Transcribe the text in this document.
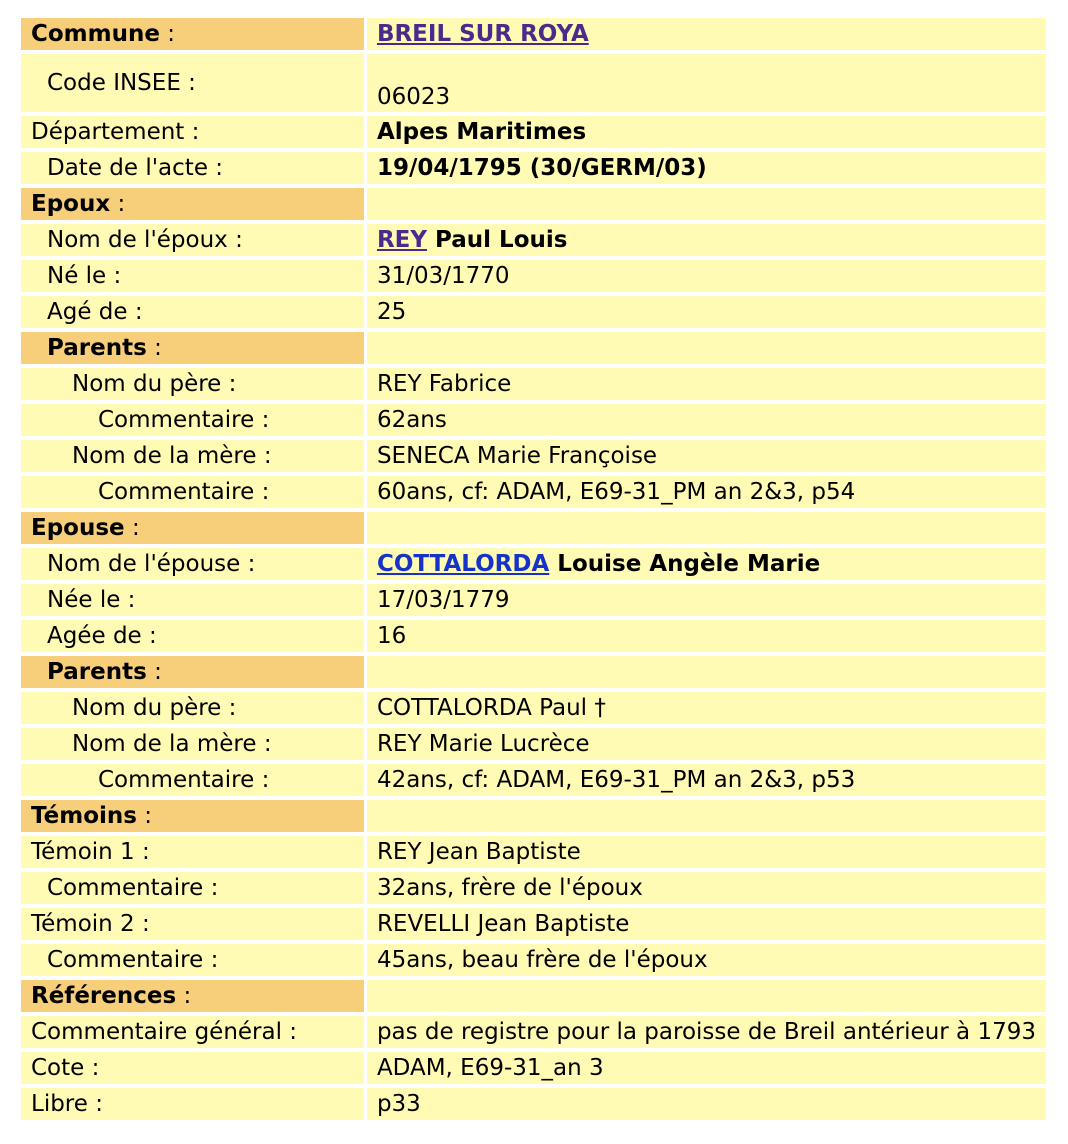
Commune :	BREIL SUR ROYA
Code INSEE :	06023
Département :	Alpes Maritimes
Date de l'acte :	19/04/1795 (30/GERM/03)
Epoux :	
Nom de l'époux :	REY Paul Louis
Né le :	31/03/1770
Agé de :	25
Parents :	
Nom du père :	REY Fabrice
Commentaire :	62ans
Nom de la mère :	SENECA Marie Françoise
Commentaire :	60ans, cf: ADAM, E69-31_PM an 2&3, p54
Epouse :	
Nom de l'épouse :	COTTALORDA Louise Angèle Marie
Née le :	17/03/1779
Agée de :	16
Parents :	
Nom du père :	COTTALORDA Paul †
Nom de la mère :	REY Marie Lucrèce
Commentaire :	42ans, cf: ADAM, E69-31_PM an 2&3, p53
Témoins :	
Témoin 1 :	REY Jean Baptiste
Commentaire :	32ans, frère de l'époux
Témoin 2 :	REVELLI Jean Baptiste
Commentaire :	45ans, beau frère de l'époux
Références :	
Commentaire général :	pas de registre pour la paroisse de Breil antérieur à 1793
Cote :	ADAM, E69-31_an 3
Libre :	p33
